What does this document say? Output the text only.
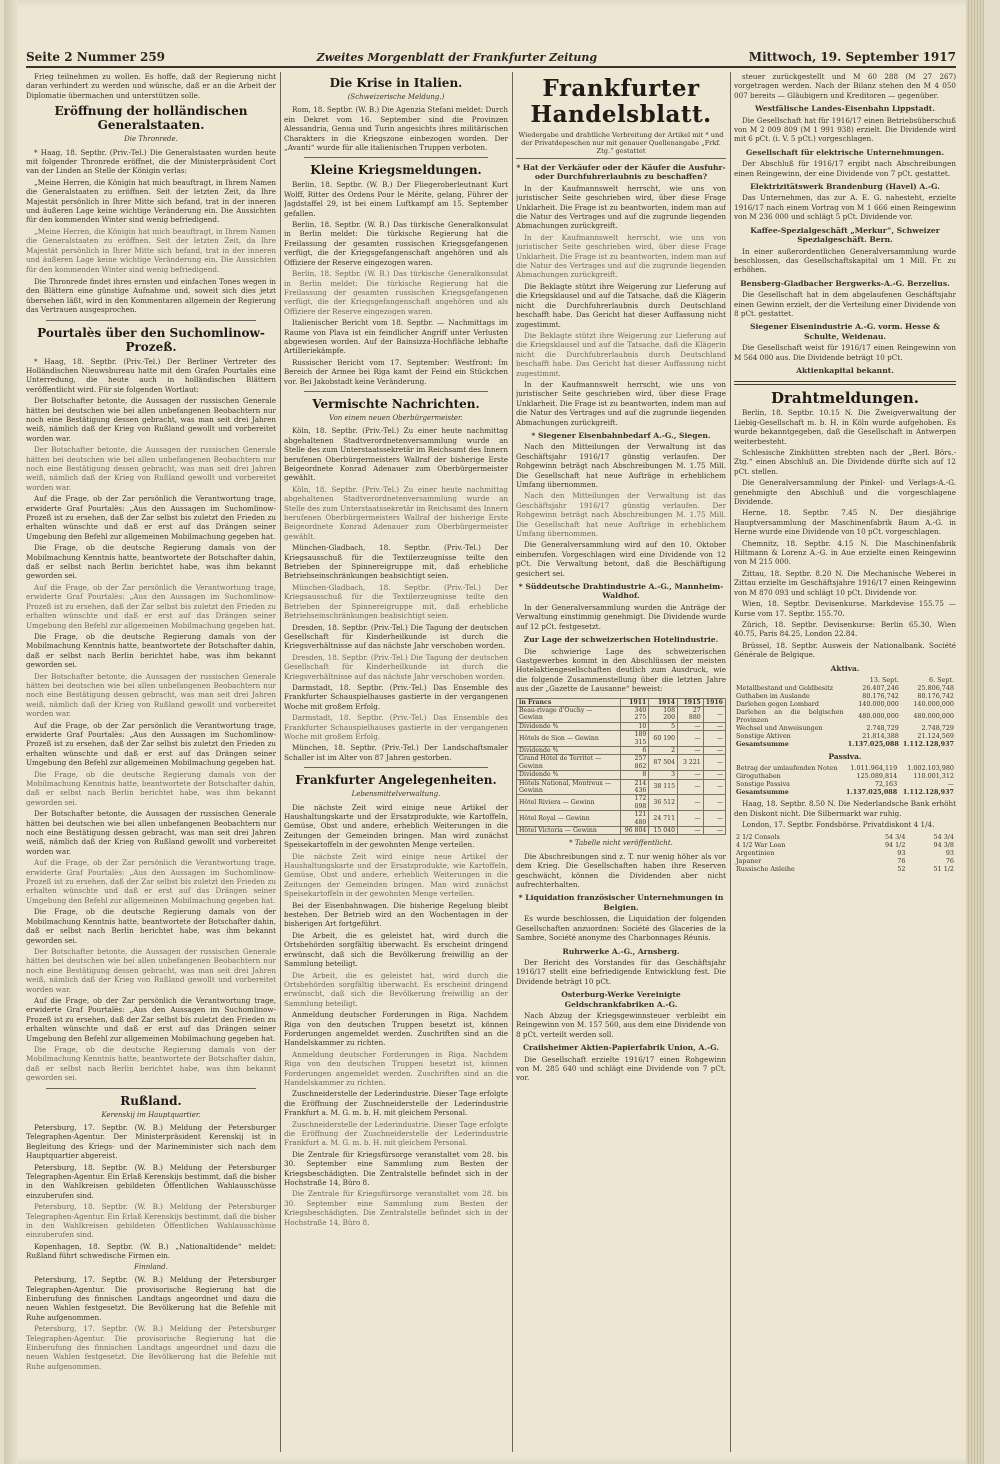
Seite 2 Nummer 259	Zweites Morgenblatt der Frankfurter Zeitung	Mittwoch, 19. September 1917

Frieg teilnehmen zu wollen. Es hoffe, daß der Regierung nicht daran verhindert zu werden und wünsche, daß er an die Arbeit der Diplomatie übermachen und unterstützen solle.

Eröffnung der holländischen Generalstaaten.
Die Thronrede.

* Haag, 18. Septbr. (Priv.-Tel.) Die Generalstaaten wurden heute mit folgender Thronrede eröffnet, die der Ministerpräsident Cort van der Linden an Stelle der Königin verlas:

„Meine Herren, die Königin hat mich beauftragt, in Ihrem Namen die Generalstaaten zu eröffnen. Seit der letzten Zeit, da Ihre Majestät persönlich in Ihrer Mitte sich befand, trat in der inneren und äußeren Lage keine wichtige Veränderung ein. Die Aussichten für den kommenden Winter sind wenig befriedigend.

„Meine Herren, die Königin hat mich beauftragt, in Ihrem Namen die Generalstaaten zu eröffnen. Seit der letzten Zeit, da Ihre Majestät persönlich in Ihrer Mitte sich befand, trat in der inneren und äußeren Lage keine wichtige Veränderung ein. Die Aussichten für den kommenden Winter sind wenig befriedigend.

Die Thronrede findet ihres ernsten und einfachen Tones wegen in den Blättern eine günstige Aufnahme und, soweit sich dies jetzt übersehen läßt, wird in den Kommentaren allgemein der Regierung das Vertrauen ausgesprochen.

Pourtalès über den Suchomlinow-Prozeß.

* Haag, 18. Septbr. (Priv.-Tel.) Der Berliner Vertreter des Holländischen Nieuwsbureau hatte mit dem Grafen Pourtalès eine Unterredung, die heute auch in holländischen Blättern veröffentlicht wird. Für sie folgenden Wortlaut:

Der Botschafter betonte, die Aussagen der russischen Generale hätten bei deutschen wie bei allen unbefangenen Beobachtern nur noch eine Bestätigung dessen gebracht, was man seit drei Jahren weiß, nämlich daß der Krieg von Rußland gewollt und vorbereitet worden war.

Der Botschafter betonte, die Aussagen der russischen Generale hätten bei deutschen wie bei allen unbefangenen Beobachtern nur noch eine Bestätigung dessen gebracht, was man seit drei Jahren weiß, nämlich daß der Krieg von Rußland gewollt und vorbereitet worden war.

Auf die Frage, ob der Zar persönlich die Verantwortung trage, erwiderte Graf Pourtalès: „Aus den Aussagen im Suchomlinow-Prozeß ist zu ersehen, daß der Zar selbst bis zuletzt den Frieden zu erhalten wünschte und daß er erst auf das Drängen seiner Umgebung den Befehl zur allgemeinen Mobilmachung gegeben hat.

Die Frage, ob die deutsche Regierung damals von der Mobilmachung Kenntnis hatte, beantwortete der Botschafter dahin, daß er selbst nach Berlin berichtet habe, was ihm bekannt geworden sei.

Auf die Frage, ob der Zar persönlich die Verantwortung trage, erwiderte Graf Pourtalès: „Aus den Aussagen im Suchomlinow-Prozeß ist zu ersehen, daß der Zar selbst bis zuletzt den Frieden zu erhalten wünschte und daß er erst auf das Drängen seiner Umgebung den Befehl zur allgemeinen Mobilmachung gegeben hat.

Die Frage, ob die deutsche Regierung damals von der Mobilmachung Kenntnis hatte, beantwortete der Botschafter dahin, daß er selbst nach Berlin berichtet habe, was ihm bekannt geworden sei.

Der Botschafter betonte, die Aussagen der russischen Generale hätten bei deutschen wie bei allen unbefangenen Beobachtern nur noch eine Bestätigung dessen gebracht, was man seit drei Jahren weiß, nämlich daß der Krieg von Rußland gewollt und vorbereitet worden war.

Auf die Frage, ob der Zar persönlich die Verantwortung trage, erwiderte Graf Pourtalès: „Aus den Aussagen im Suchomlinow-Prozeß ist zu ersehen, daß der Zar selbst bis zuletzt den Frieden zu erhalten wünschte und daß er erst auf das Drängen seiner Umgebung den Befehl zur allgemeinen Mobilmachung gegeben hat.

Die Frage, ob die deutsche Regierung damals von der Mobilmachung Kenntnis hatte, beantwortete der Botschafter dahin, daß er selbst nach Berlin berichtet habe, was ihm bekannt geworden sei.

Der Botschafter betonte, die Aussagen der russischen Generale hätten bei deutschen wie bei allen unbefangenen Beobachtern nur noch eine Bestätigung dessen gebracht, was man seit drei Jahren weiß, nämlich daß der Krieg von Rußland gewollt und vorbereitet worden war.

Auf die Frage, ob der Zar persönlich die Verantwortung trage, erwiderte Graf Pourtalès: „Aus den Aussagen im Suchomlinow-Prozeß ist zu ersehen, daß der Zar selbst bis zuletzt den Frieden zu erhalten wünschte und daß er erst auf das Drängen seiner Umgebung den Befehl zur allgemeinen Mobilmachung gegeben hat.

Die Frage, ob die deutsche Regierung damals von der Mobilmachung Kenntnis hatte, beantwortete der Botschafter dahin, daß er selbst nach Berlin berichtet habe, was ihm bekannt geworden sei.

Der Botschafter betonte, die Aussagen der russischen Generale hätten bei deutschen wie bei allen unbefangenen Beobachtern nur noch eine Bestätigung dessen gebracht, was man seit drei Jahren weiß, nämlich daß der Krieg von Rußland gewollt und vorbereitet worden war.

Auf die Frage, ob der Zar persönlich die Verantwortung trage, erwiderte Graf Pourtalès: „Aus den Aussagen im Suchomlinow-Prozeß ist zu ersehen, daß der Zar selbst bis zuletzt den Frieden zu erhalten wünschte und daß er erst auf das Drängen seiner Umgebung den Befehl zur allgemeinen Mobilmachung gegeben hat.

Die Frage, ob die deutsche Regierung damals von der Mobilmachung Kenntnis hatte, beantwortete der Botschafter dahin, daß er selbst nach Berlin berichtet habe, was ihm bekannt geworden sei.

Rußland.
Kerenskij im Hauptquartier.

Petersburg, 17. Septbr. (W. B.) Meldung der Petersburger Telegraphen-Agentur. Der Ministerpräsident Kerenskij ist in Begleitung des Kriegs- und der Marineminister sich nach dem Hauptquartier abgereist.

Petersburg, 18. Septbr. (W. B.) Meldung der Petersburger Telegraphen-Agentur. Ein Erlaß Kerenskijs bestimmt, daß die bisher in den Wahlkreisen gebildeten Öffentlichen Wahlausschüsse einzuberufen sind.

Petersburg, 18. Septbr. (W. B.) Meldung der Petersburger Telegraphen-Agentur. Ein Erlaß Kerenskijs bestimmt, daß die bisher in den Wahlkreisen gebildeten Öffentlichen Wahlausschüsse einzuberufen sind.

Kopenhagen, 18. Septbr. (W. B.) „Nationaltidende“ meldet: Rußland führt schwedische Firmen ein.

Finnland.

Petersburg, 17. Septbr. (W. B.) Meldung der Petersburger Telegraphen-Agentur. Die provisorische Regierung hat die Einberufung des finnischen Landtags angeordnet und dazu die neuen Wahlen festgesetzt. Die Bevölkerung hat die Befehle mit Ruhe aufgenommen.

Petersburg, 17. Septbr. (W. B.) Meldung der Petersburger Telegraphen-Agentur. Die provisorische Regierung hat die Einberufung des finnischen Landtags angeordnet und dazu die neuen Wahlen festgesetzt. Die Bevölkerung hat die Befehle mit Ruhe aufgenommen.

Die Krise in Italien.
(Schweizerische Meldung.)

Rom, 18. Septbr. (W. B.) Die Agenzia Stefani meldet: Durch ein Dekret vom 16. September sind die Provinzen Alessandria, Genua und Turin angesichts ihres militärischen Charakters in die Kriegszone einbezogen worden. Der „Avanti“ wurde für alle italienischen Truppen verboten.

Kleine Kriegsmeldungen.

Berlin, 18. Septbr. (W. B.) Der Fliegeroberleutnant Kurt Wolff, Ritter des Ordens Pour le Mérite, gelang, Führer der Jagdstaffel 29, ist bei einem Luftkampf am 15. September gefallen.

Berlin, 18. Septbr. (W. B.) Das türkische Generalkonsulat in Berlin meldet: Die türkische Regierung hat die Freilassung der gesamten russischen Kriegsgefangenen verfügt, die der Kriegsgefangenschaft angehören und als Offiziere der Reserve eingezogen waren.

Berlin, 18. Septbr. (W. B.) Das türkische Generalkonsulat in Berlin meldet: Die türkische Regierung hat die Freilassung der gesamten russischen Kriegsgefangenen verfügt, die der Kriegsgefangenschaft angehören und als Offiziere der Reserve eingezogen waren.

Italienischer Bericht vom 18. Septbr. — Nachmittags im Raume von Plava ist ein feindlicher Angriff unter Verlusten abgewiesen worden. Auf der Bainsizza-Hochfläche lebhafte Artilleriekämpfe.

Russischer Bericht vom 17. September: Westfront: Im Bereich der Armee bei Riga kamt der Feind ein Stückchen vor. Bei Jakobstadt keine Veränderung.

Vermischte Nachrichten.
Von einem neuen Oberbürgermeister.

Köln, 18. Septbr. (Priv.-Tel.) Zu einer heute nachmittag abgehaltenen Stadtverordnetenversammlung wurde an Stelle des zum Unterstaatssekretär im Reichsamt des Innern berufenen Oberbürgermeisters Wallraf der bisherige Erste Beigeordnete Konrad Adenauer zum Oberbürgermeister gewählt.

Köln, 18. Septbr. (Priv.-Tel.) Zu einer heute nachmittag abgehaltenen Stadtverordnetenversammlung wurde an Stelle des zum Unterstaatssekretär im Reichsamt des Innern berufenen Oberbürgermeisters Wallraf der bisherige Erste Beigeordnete Konrad Adenauer zum Oberbürgermeister gewählt.

München-Gladbach, 18. Septbr. (Priv.-Tel.) Der Kriegsausschuß für die Textilerzeugnisse teilte den Betrieben der Spinnereigruppe mit, daß erhebliche Betriebseinschränkungen beabsichtigt seien.

München-Gladbach, 18. Septbr. (Priv.-Tel.) Der Kriegsausschuß für die Textilerzeugnisse teilte den Betrieben der Spinnereigruppe mit, daß erhebliche Betriebseinschränkungen beabsichtigt seien.

Dresden, 18. Septbr. (Priv.-Tel.) Die Tagung der deutschen Gesellschaft für Kinderheilkunde ist durch die Kriegsverhältnisse auf das nächste Jahr verschoben worden.

Dresden, 18. Septbr. (Priv.-Tel.) Die Tagung der deutschen Gesellschaft für Kinderheilkunde ist durch die Kriegsverhältnisse auf das nächste Jahr verschoben worden.

Darmstadt, 18. Septbr. (Priv.-Tel.) Das Ensemble des Frankfurter Schauspielhauses gastierte in der vergangenen Woche mit großem Erfolg.

Darmstadt, 18. Septbr. (Priv.-Tel.) Das Ensemble des Frankfurter Schauspielhauses gastierte in der vergangenen Woche mit großem Erfolg.

München, 18. Septbr. (Priv.-Tel.) Der Landschaftsmaler Schaller ist im Alter von 87 Jahren gestorben.

Frankfurter Angelegenheiten.
Lebensmittelverwaltung.

Die nächste Zeit wird einige neue Artikel der Haushaltungskarte und der Ersatzprodukte, wie Kartoffeln, Gemüse, Obst und andere, erheblich Weiterungen in die Zeitungen der Gemeinden bringen. Man wird zunächst Speisekartoffeln in der gewohnten Menge verteilen.

Die nächste Zeit wird einige neue Artikel der Haushaltungskarte und der Ersatzprodukte, wie Kartoffeln, Gemüse, Obst und andere, erheblich Weiterungen in die Zeitungen der Gemeinden bringen. Man wird zunächst Speisekartoffeln in der gewohnten Menge verteilen.

Bei der Eisenbahnwagen. Die bisherige Regelung bleibt bestehen. Der Betrieb wird an den Wochentagen in der bisherigen Art fortgeführt.

Die Arbeit, die es geleistet hat, wird durch die Ortsbehörden sorgfältig überwacht. Es erscheint dringend erwünscht, daß sich die Bevölkerung freiwillig an der Sammlung beteiligt.

Die Arbeit, die es geleistet hat, wird durch die Ortsbehörden sorgfältig überwacht. Es erscheint dringend erwünscht, daß sich die Bevölkerung freiwillig an der Sammlung beteiligt.

Anmeldung deutscher Forderungen in Riga. Nachdem Riga von den deutschen Truppen besetzt ist, können Forderungen angemeldet werden. Zuschriften sind an die Handelskammer zu richten.

Anmeldung deutscher Forderungen in Riga. Nachdem Riga von den deutschen Truppen besetzt ist, können Forderungen angemeldet werden. Zuschriften sind an die Handelskammer zu richten.

Zuschneiderstelle der Lederindustrie. Dieser Tage erfolgte die Eröffnung der Zuschneiderstelle der Lederindustrie Frankfurt a. M. G. m. b. H. mit gleichem Personal.

Zuschneiderstelle der Lederindustrie. Dieser Tage erfolgte die Eröffnung der Zuschneiderstelle der Lederindustrie Frankfurt a. M. G. m. b. H. mit gleichem Personal.

Die Zentrale für Kriegsfürsorge veranstaltet vom 28. bis 30. September eine Sammlung zum Besten der Kriegsbeschädigten. Die Zentralstelle befindet sich in der Hochstraße 14, Büro 8.

Die Zentrale für Kriegsfürsorge veranstaltet vom 28. bis 30. September eine Sammlung zum Besten der Kriegsbeschädigten. Die Zentralstelle befindet sich in der Hochstraße 14, Büro 8.

Frankfurter Handelsblatt.
Wiedergabe und drahtliche Verbreitung der Artikel mit * und der Privatdepeschen nur mit genauer Quellenangabe „Frkf. Ztg.“ gestattet
* Hat der Verkäufer oder der Käufer die Ausfuhr- oder Durchfuhrerlaubnis zu beschaffen?

In der Kaufmannswelt herrscht, wie uns von juristischer Seite geschrieben wird, über diese Frage Unklarheit. Die Frage ist zu beantworten, indem man auf die Natur des Vertrages und auf die zugrunde liegenden Abmachungen zurückgreift.

In der Kaufmannswelt herrscht, wie uns von juristischer Seite geschrieben wird, über diese Frage Unklarheit. Die Frage ist zu beantworten, indem man auf die Natur des Vertrages und auf die zugrunde liegenden Abmachungen zurückgreift.

Die Beklagte stützt ihre Weigerung zur Lieferung auf die Kriegsklausel und auf die Tatsache, daß die Klägerin nicht die Durchfuhrerlaubnis durch Deutschland beschafft habe. Das Gericht hat dieser Auffassung nicht zugestimmt.

Die Beklagte stützt ihre Weigerung zur Lieferung auf die Kriegsklausel und auf die Tatsache, daß die Klägerin nicht die Durchfuhrerlaubnis durch Deutschland beschafft habe. Das Gericht hat dieser Auffassung nicht zugestimmt.

In der Kaufmannswelt herrscht, wie uns von juristischer Seite geschrieben wird, über diese Frage Unklarheit. Die Frage ist zu beantworten, indem man auf die Natur des Vertrages und auf die zugrunde liegenden Abmachungen zurückgreift.

* Siegener Eisenbahnbedarf A.-G., Siegen.

Nach den Mitteilungen der Verwaltung ist das Geschäftsjahr 1916/17 günstig verlaufen. Der Rohgewinn beträgt nach Abschreibungen M. 1.75 Mill. Die Gesellschaft hat neue Aufträge in erheblichem Umfang übernommen.

Nach den Mitteilungen der Verwaltung ist das Geschäftsjahr 1916/17 günstig verlaufen. Der Rohgewinn beträgt nach Abschreibungen M. 1.75 Mill. Die Gesellschaft hat neue Aufträge in erheblichem Umfang übernommen.

Die Generalversammlung wird auf den 10. Oktober einberufen. Vorgeschlagen wird eine Dividende von 12 pCt. Die Verwaltung betont, daß die Beschäftigung gesichert sei.

* Süddeutsche Drahtindustrie A.-G., Mannheim-Waldhof.

In der Generalversammlung wurden die Anträge der Verwaltung einstimmig genehmigt. Die Dividende wurde auf 12 pCt. festgesetzt.

Zur Lage der schweizerischen Hotelindustrie.

Die schwierige Lage des schweizerischen Gastgewerbes kommt in den Abschlüssen der meisten Hotelaktiengesellschaften deutlich zum Ausdruck, wie die folgende Zusammenstellung über die letzten Jahre aus der „Gazette de Lausanne“ beweist:

in Francs	1911	1914	1915	1916
Beau-rivage d'Ouchy — Gewinn	340 275	108 200	27 880	—
Dividende %	10	5	—	—
Hôtels de Sion — Gewinn	189 315	60 190	—	—
Dividende %	6	2	—	—
Grand Hôtel de Territet — Gewinn	257 862	87 504	3 221	—
Dividende %	8	3	—	—
Hôtels National, Montreux — Gewinn	214 436	38 115	—	—
Hôtel Riviera — Gewinn	172 098	36 512	—	—
Hôtel Royal — Gewinn	121 480	24 711	—	—
Hôtel Victoria — Gewinn	96 804	15 040	—	—
* Tabelle nicht veröffentlicht.

Die Abschreibungen sind z. T. nur wenig höher als vor dem Krieg. Die Gesellschaften haben ihre Reserven geschwächt, können die Dividenden aber nicht aufrechterhalten.

* Liquidation französischer Unternehmungen in Belgien.

Es wurde beschlossen, die Liquidation der folgenden Gesellschaften anzuordnen: Société des Glaceries de la Sambre, Société anonyme des Charbonnages Réunis.

Ruhrwerke A.-G., Arnsberg.

Der Bericht des Vorstandes für das Geschäftsjahr 1916/17 stellt eine befriedigende Entwicklung fest. Die Dividende beträgt 10 pCt.

Osterburg-Werke Vereinigte Geldschrankfabriken A.-G.

Nach Abzug der Kriegsgewinnsteuer verbleibt ein Reingewinn von M. 157 560, aus dem eine Dividende von 8 pCt. verteilt werden soll.

Crailsheimer Aktien-Papierfabrik Union, A.-G.

Die Gesellschaft erzielte 1916/17 einen Rohgewinn von M. 285 640 und schlägt eine Dividende von 7 pCt. vor.

steuer zurückgestellt und M 60 288 (M 27 267) vorgetragen werden. Nach der Bilanz stehen den M 4 050 007 bereits — Gläubigern und Kreditoren — gegenüber.

Westfälische Landes-Eisenbahn Lippstadt.

Die Gesellschaft hat für 1916/17 einen Betriebsüberschuß von M 2 009 809 (M 1 991 938) erzielt. Die Dividende wird mit 6 pCt. (i. V. 5 pCt.) vorgeschlagen.

Gesellschaft für elektrische Unternehmungen.

Der Abschluß für 1916/17 ergibt nach Abschreibungen einen Reingewinn, der eine Dividende von 7 pCt. gestattet.

Elektrizitätswerk Brandenburg (Havel) A.-G.

Das Unternehmen, das zur A. E. G. nahesteht, erzielte 1916/17 nach einem Vortrag von M 1 666 einen Reingewinn von M 236 000 und schlägt 5 pCt. Dividende vor.

Kaffee-Spezialgeschäft „Merkur“, Schweizer Spezialgeschäft. Bern.

In einer außerordentlichen Generalversammlung wurde beschlossen, das Gesellschaftskapital um 1 Mill. Fr. zu erhöhen.

Bensberg-Gladbacher Bergwerks-A.-G. Berzelius.

Die Gesellschaft hat in dem abgelaufenen Geschäftsjahr einen Gewinn erzielt, der die Verteilung einer Dividende von 8 pCt. gestattet.

Siegener Eisenindustrie A.-G. vorm. Hesse & Schulte, Weidenau.

Die Gesellschaft weist für 1916/17 einen Reingewinn von M 564 000 aus. Die Dividende beträgt 10 pCt.

Aktienkapital bekannt.
Drahtmeldungen.

Berlin, 18. Septbr. 10.15 N. Die Zweigverwaltung der Liebig-Gesellschaft m. b. H. in Köln wurde aufgehoben. Es wurde bekanntgegeben, daß die Gesellschaft in Antwerpen weiterbesteht.

Schlesische Zinkhütten strebten nach der „Berl. Börs.-Ztg.“ einen Abschluß an. Die Dividende dürfte sich auf 12 pCt. stellen.

Die Generalversammlung der Pinkel- und Verlags-A.-G. genehmigte den Abschluß und die vorgeschlagene Dividende.

Herne, 18. Septbr. 7.45 N. Der diesjährige Hauptversammlung der Maschinenfabrik Baum A.-G. in Herne wurde eine Dividende von 10 pCt. vorgeschlagen.

Chemnitz, 18. Septbr. 4.15 N. Die Maschinenfabrik Hiltmann & Lorenz A.-G. in Aue erzielte einen Reingewinn von M 215 000.

Zittau, 18. Septbr. 8.20 N. Die Mechanische Weberei in Zittau erzielte im Geschäftsjahre 1916/17 einen Reingewinn von M 870 093 und schlägt 10 pCt. Dividende vor.

Wien, 18. Septbr. Devisenkurse. Markdevise 155.75 — Kurse vom 17. Septbr. 155.70.

Zürich, 18. Septbr. Devisenkurse: Berlin 65.30, Wien 40.75, Paris 84.25, London 22.84.

Brüssel, 18. Septbr. Ausweis der Nationalbank. Société Générale de Belgique.

Aktiva.
	13. Sept.	6. Sept.
Metallbestand und Goldbesitz	26.407,246	25.806,748
Guthaben im Auslande	80.176,742	80.176,742
Darlehen gegen Lombard	140.000,000	140.000,000
Darlehen an die belgischen Provinzen	480.000,000	480.000,000
Wechsel und Anweisungen	2.748,729	2.748,729
Sonstige Aktiven	21.814,388	21.124,569
Gesamtsumme	1.137.025,088	1.112.128,937
Passiva.
Betrag der umlaufenden Noten	1.011.964,119	1.002.103,980
Giroguthaben	125.089,814	110.001,312
Sonstige Passiva	72,163	—
Gesamtsumme	1.137.025,088	1.112.128,937

Haag, 18. Septbr. 8.50 N. Die Nederlandsche Bank erhöht den Diskont nicht. Die Silbermarkt war ruhig.

London, 17. Septbr. Fondsbörse. Privatdiskont 4 1/4.

2 1/2 Consols	54 3/4	54 3/4
4 1/2 War Loan	94 1/2	94 3/8
Argentinien	93	93
Japaner	76	76
Russische Anleihe	52	51 1/2
